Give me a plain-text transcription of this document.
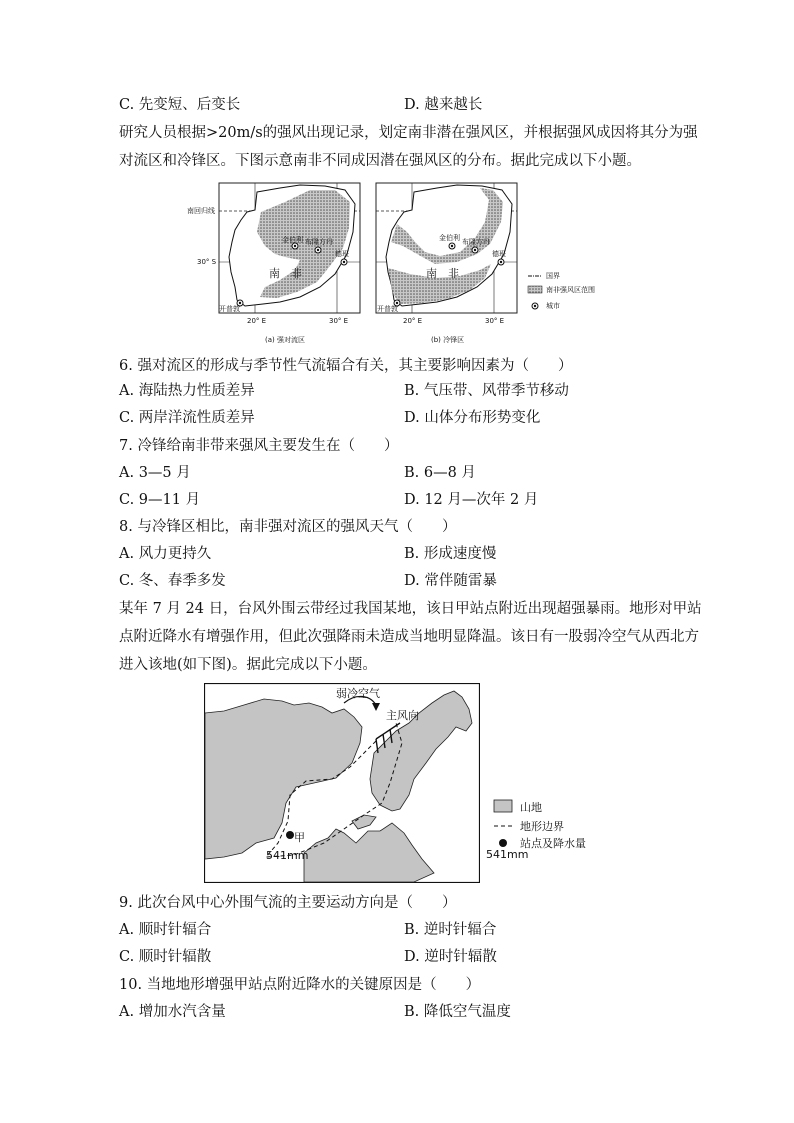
C. 先变短、后变长	D. 越来越长
研究人员根据>20m/s的强风出现记录，划定南非潜在强风区，并根据强风成因将其分为强
对流区和冷锋区。下图示意南非不同成因潜在强风区的分布。据此完成以下小题。
南回归线
30° S
20° E	30° E
金伯利 布隆方丹
德班
开普敦
南　非
(a) 强对流区
金伯利 布隆方丹
德班
开普敦
南　非
20° E	30° E
(b) 冷锋区
国界
南非强风区范围
城市
6. 强对流区的形成与季节性气流辐合有关，其主要影响因素为（　　）
A. 海陆热力性质差异	B. 气压带、风带季节移动
C. 两岸洋流性质差异	D. 山体分布形势变化
7. 冷锋给南非带来强风主要发生在（　　）
A. 3—5 月	B. 6—8 月
C. 9—11 月	D. 12 月—次年 2 月
8. 与冷锋区相比，南非强对流区的强风天气（　　）
A. 风力更持久	B. 形成速度慢
C. 冬、春季多发	D. 常伴随雷暴
某年 7 月 24 日，台风外围云带经过我国某地，该日甲站点附近出现超强暴雨。地形对甲站
点附近降水有增强作用，但此次强降雨未造成当地明显降温。该日有一股弱冷空气从西北方
进入该地(如下图)。据此完成以下小题。
弱冷空气
主风向
甲
541mm
山地
地形边界
站点及降水量
541mm
9. 此次台风中心外围气流的主要运动方向是（　　）
A. 顺时针辐合	B. 逆时针辐合
C. 顺时针辐散	D. 逆时针辐散
10. 当地地形增强甲站点附近降水的关键原因是（　　）
A. 增加水汽含量	B. 降低空气温度
